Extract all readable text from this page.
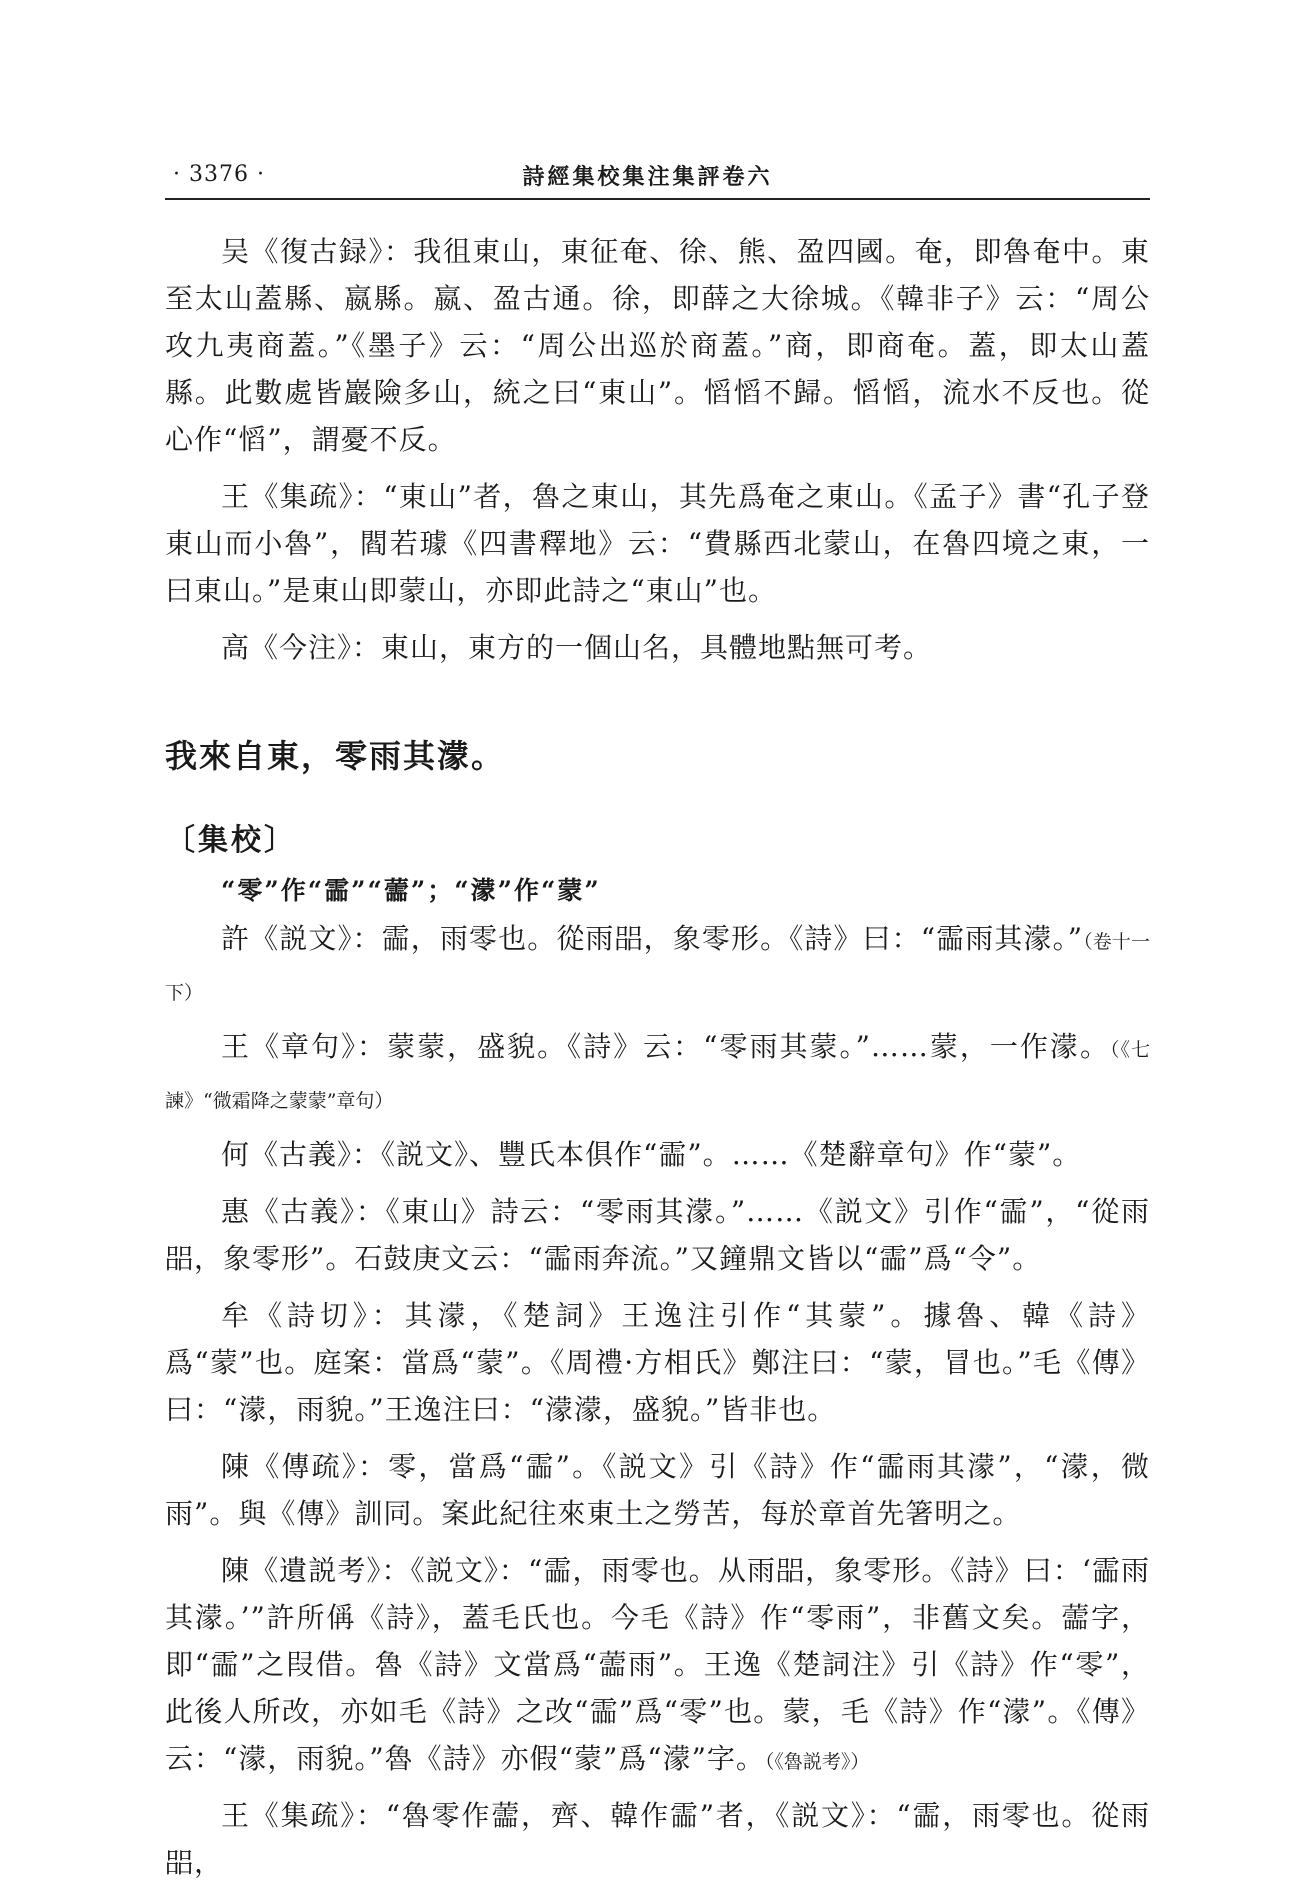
· 3376 ·	詩經集校集注集評卷六

吴《復古録》：我徂東山，東征奄、徐、熊、盈四國。奄，即魯奄中。東至太山蓋縣、嬴縣。嬴、盈古通。徐，即薛之大徐城。《韓非子》云：“周公攻九夷商蓋。”《墨子》云：“周公出巡於商蓋。”商，即商奄。蓋，即太山蓋縣。此數處皆巖險多山，統之曰“東山”。慆慆不歸。慆慆，流水不反也。從心作“慆”，謂憂不反。

王《集疏》：“東山”者，魯之東山，其先爲奄之東山。《孟子》書“孔子登東山而小魯”，閻若璩《四書釋地》云：“費縣西北蒙山，在魯四境之東，一曰東山。”是東山即蒙山，亦即此詩之“東山”也。

高《今注》：東山，東方的一個山名，具體地點無可考。

我來自東，零雨其濛。
〔集校〕
“零”作“霝”“蘦”；“濛”作“蒙”

許《説文》：霝，雨零也。從雨㗊，象零形。《詩》曰：“霝雨其濛。”（卷十一下）

王《章句》：蒙蒙，盛貌。《詩》云：“零雨其蒙。”……蒙，一作濛。（《七諫》“微霜降之蒙蒙”章句）

何《古義》：《説文》、豐氏本俱作“霝”。……《楚辭章句》作“蒙”。

惠《古義》：《東山》詩云：“零雨其濛。”……《説文》引作“霝”，“從雨㗊，象零形”。石鼓庚文云：“霝雨奔流。”又鐘鼎文皆以“霝”爲“令”。

牟《詩切》：其濛，《楚詞》王逸注引作“其蒙”。據魯、韓《詩》爲“蒙”也。庭案：當爲“蒙”。《周禮·方相氏》鄭注曰：“蒙，冒也。”毛《傳》曰：“濛，雨貌。”王逸注曰：“濛濛，盛貌。”皆非也。

陳《傳疏》：零，當爲“霝”。《説文》引《詩》作“霝雨其濛”，“濛，微雨”。與《傳》訓同。案此紀往來東土之勞苦，每於章首先箸明之。

陳《遺説考》：《説文》：“霝，雨零也。从雨㗊，象零形。《詩》曰：‘霝雨其濛。’”許所偁《詩》，蓋毛氏也。今毛《詩》作“零雨”，非舊文矣。蘦字，即“霝”之叚借。魯《詩》文當爲“蘦雨”。王逸《楚詞注》引《詩》作“零”，此後人所改，亦如毛《詩》之改“霝”爲“零”也。蒙，毛《詩》作“濛”。《傳》云：“濛，雨貌。”魯《詩》亦假“蒙”爲“濛”字。（《魯説考》）

王《集疏》：“魯零作蘦，齊、韓作霝”者，《説文》：“霝，雨零也。從雨㗊，
